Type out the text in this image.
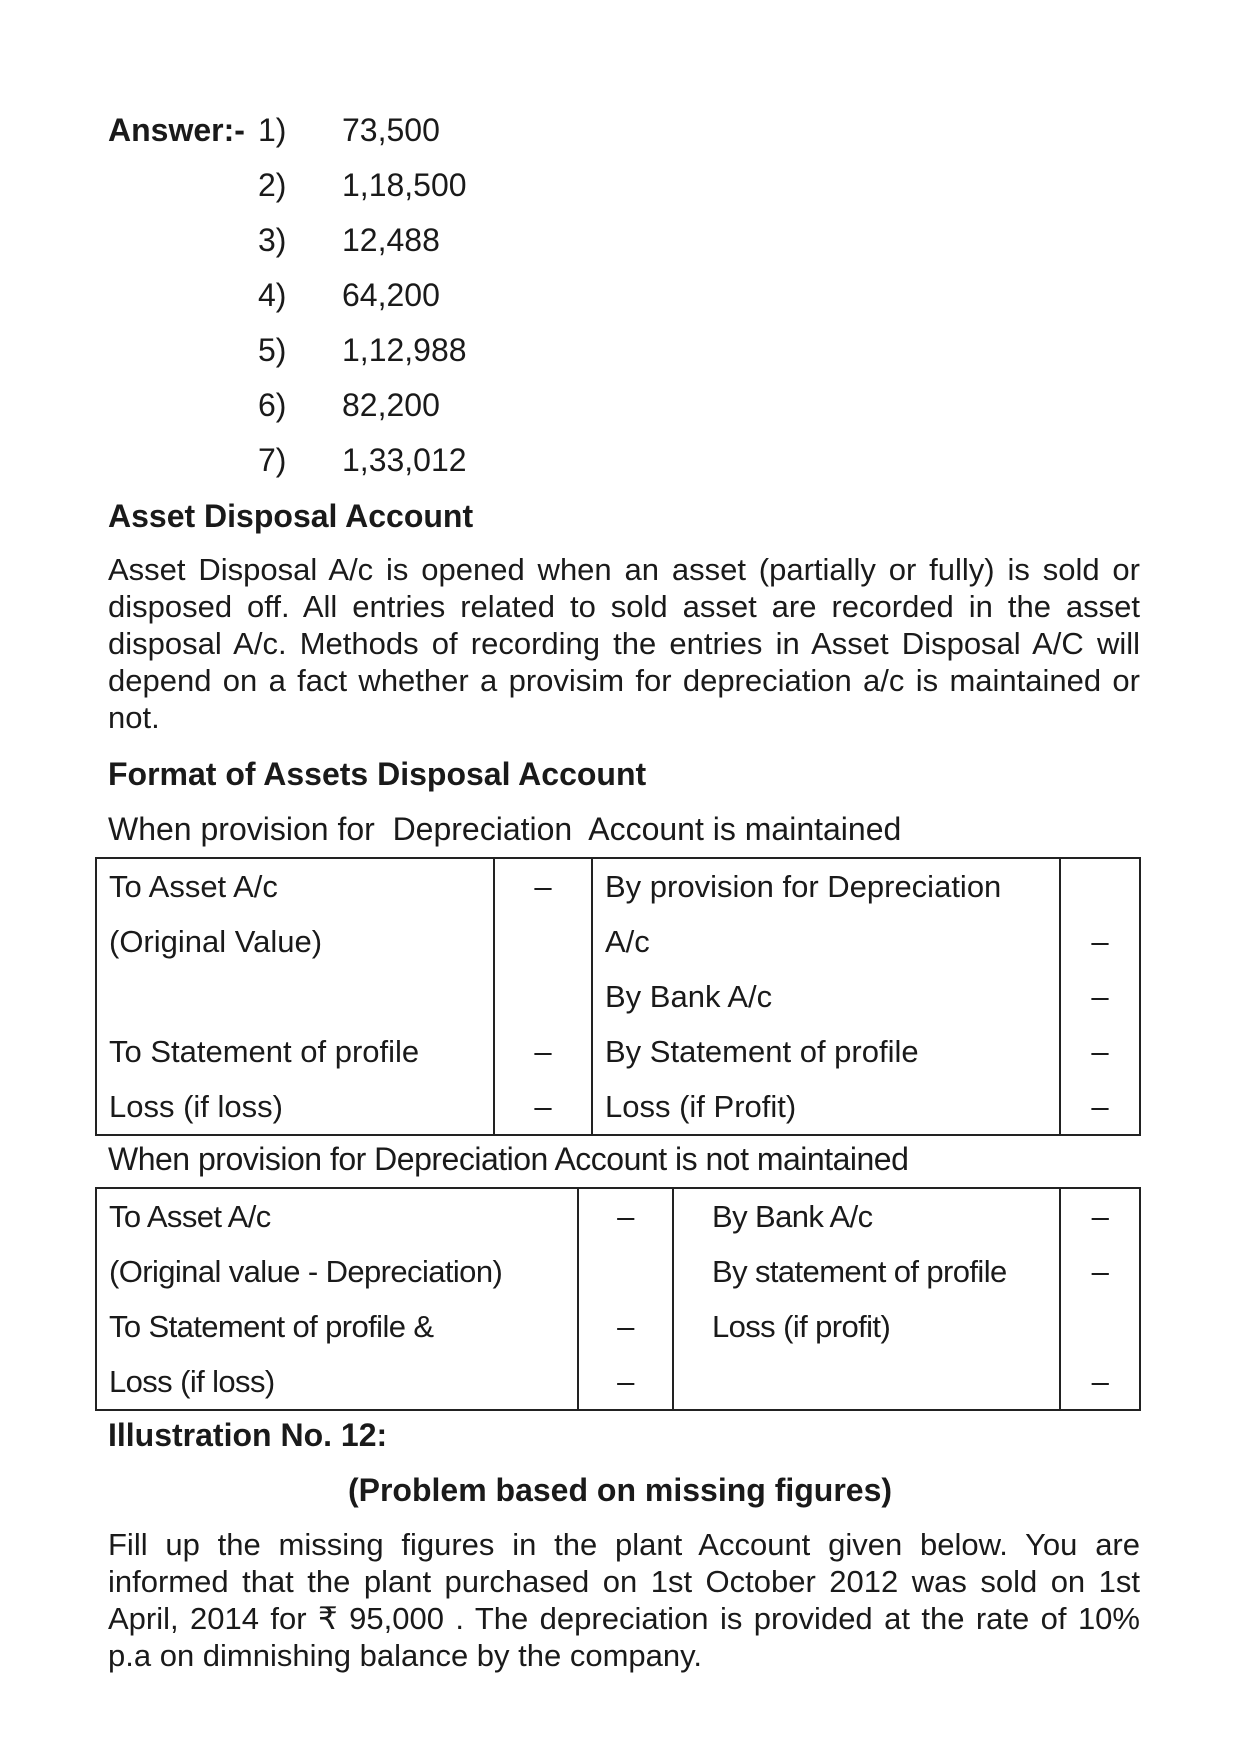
Answer:- 1)	73,500
2)	1,18,500
3)	12,488
4)	64,200
5)	1,12,988
6)	82,200
7)	1,33,012
Asset Disposal Account
Asset Disposal A/c is opened when an asset (partially or fully) is sold or disposed off. All entries related to sold asset are recorded in the asset disposal A/c. Methods of recording the entries in Asset Disposal A/C will depend on a fact whether a provisim for depreciation a/c is maintained or not.
Format of Assets Disposal Account
When provision for  Depreciation  Account is maintained
To Asset A/c	–	By provision for Depreciation	
(Original Value)		A/c	–
		By Bank A/c	–
To Statement of profile	–	By Statement of profile	–
Loss (if loss)	–	Loss (if Profit)	–
When provision for Depreciation Account is not maintained
To Asset A/c	–	By Bank A/c	–
(Original value - Depreciation)		By statement of profile	–
To Statement of profile &	–	Loss (if profit)	
Loss (if loss)	–		–
Illustration No. 12:
(Problem based on missing figures)
Fill up the missing figures in the plant Account given below. You are informed that the plant purchased on 1st October 2012 was sold on 1st April, 2014 for ₹ 95,000 . The depreciation is provided at the rate of 10% p.a on dimnishing balance by the company.
